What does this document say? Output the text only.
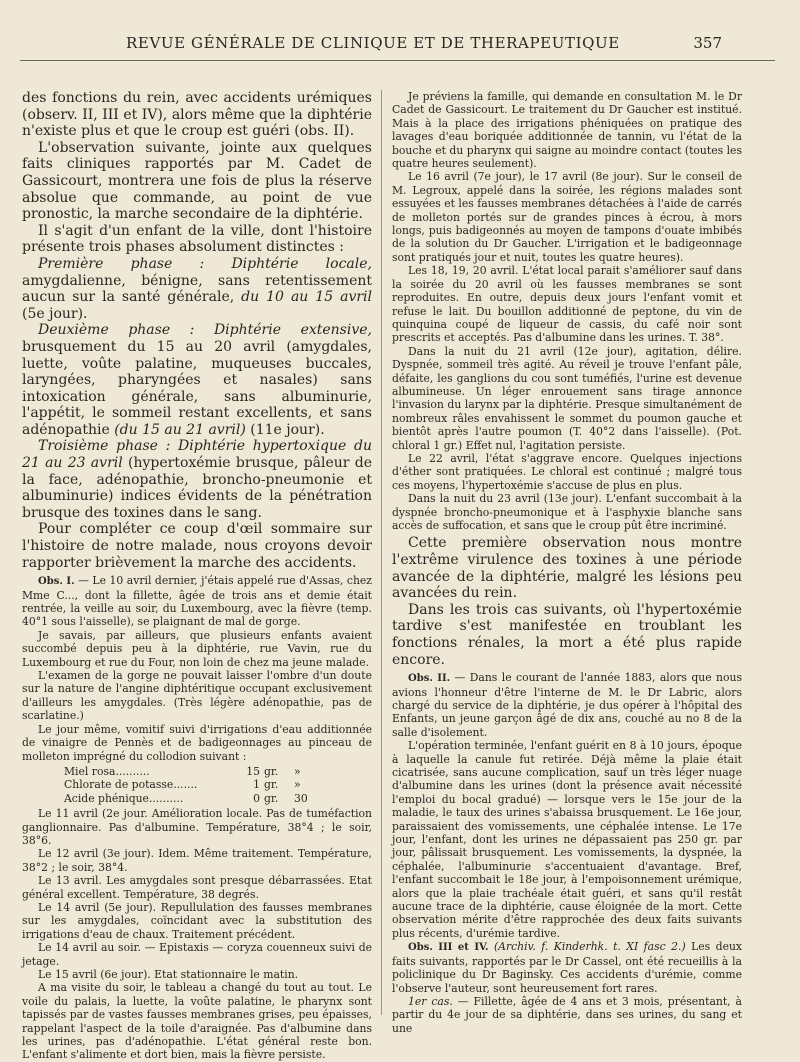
REVUE GÉNÉRALE DE CLINIQUE ET DE THERAPEUTIQUE	357

des fonctions du rein, avec accidents urémiques (observ. II, III et IV), alors même que la diphtérie n'existe plus et que le croup est guéri (obs. II).

L'observation suivante, jointe aux quelques faits cliniques rapportés par M. Cadet de Gassicourt, montrera une fois de plus la réserve absolue que commande, au point de vue pronostic, la marche secondaire de la diphtérie.

Il s'agit d'un enfant de la ville, dont l'histoire présente trois phases absolument distinctes :

Première phase : Diphtérie locale, amygdalienne, bénigne, sans retentissement aucun sur la santé générale, du 10 au 15 avril (5e jour).

Deuxième phase : Diphtérie extensive, brusquement du 15 au 20 avril (amygdales, luette, voûte palatine, muqueuses buccales, laryngées, pharyngées et nasales) sans intoxication générale, sans albuminurie, l'appétit, le sommeil restant excellents, et sans adénopathie (du 15 au 21 avril) (11e jour).

Troisième phase : Diphtérie hypertoxique du 21 au 23 avril (hypertoxémie brusque, pâleur de la face, adénopathie, broncho-pneumonie et albuminurie) indices évidents de la pénétration brusque des toxines dans le sang.

Pour compléter ce coup d'œil sommaire sur l'histoire de notre malade, nous croyons devoir rapporter brièvement la marche des accidents.

Obs. I. — Le 10 avril dernier, j'étais appelé rue d'Assas, chez Mme C..., dont la fillette, âgée de trois ans et demie était rentrée, la veille au soir, du Luxembourg, avec la fièvre (temp. 40°1 sous l'aisselle), se plaignant de mal de gorge.

Je savais, par ailleurs, que plusieurs enfants avaient succombé depuis peu à la diphtérie, rue Vavin, rue du Luxembourg et rue du Four, non loin de chez ma jeune malade.

L'examen de la gorge ne pouvait laisser l'ombre d'un doute sur la nature de l'angine diphtéritique occupant exclusivement d'ailleurs les amygdales. (Très légère adénopathie, pas de scarlatine.)

Le jour même, vomitif suivi d'irrigations d'eau additionnée de vinaigre de Pennès et de badigeonnages au pinceau de molleton imprégné du collodion suivant :

Miel rosa..........	15 gr.	»
Chlorate de potasse.......	1 gr.	»
Acide phénique..........	0 gr.	30

Le 11 avril (2e jour. Amélioration locale. Pas de tuméfaction ganglionnaire. Pas d'albumine. Température, 38°4 ; le soir, 38°6.

Le 12 avril (3e jour). Idem. Même traitement. Température, 38°2 ; le soir, 38°4.

Le 13 avril. Les amygdales sont presque débarrassées. Etat général excellent. Température, 38 degrés.

Le 14 avril (5e jour). Repullulation des fausses membranes sur les amygdales, coïncidant avec la substitution des irrigations d'eau de chaux. Traitement précédent.

Le 14 avril au soir. — Epistaxis — coryza couenneux suivi de jetage.

Le 15 avril (6e jour). Etat stationnaire le matin.

A ma visite du soir, le tableau a changé du tout au tout. Le voile du palais, la luette, la voûte palatine, le pharynx sont tapissés par de vastes fausses membranes grises, peu épaisses, rappelant l'aspect de la toile d'araignée. Pas d'albumine dans les urines, pas d'adénopathie. L'état général reste bon. L'enfant s'alimente et dort bien, mais la fièvre persiste.

Je préviens la famille, qui demande en consultation M. le Dr Cadet de Gassicourt. Le traitement du Dr Gaucher est institué. Mais à la place des irrigations phéniquées on pratique des lavages d'eau boriquée additionnée de tannin, vu l'état de la bouche et du pharynx qui saigne au moindre contact (toutes les quatre heures seulement).

Le 16 avril (7e jour), le 17 avril (8e jour). Sur le conseil de M. Legroux, appelé dans la soirée, les régions malades sont essuyées et les fausses membranes détachées à l'aide de carrés de molleton portés sur de grandes pinces à écrou, à mors longs, puis badigeonnés au moyen de tampons d'ouate imbibés de la solution du Dr Gaucher. L'irrigation et le badigeonnage sont pratiqués jour et nuit, toutes les quatre heures).

Les 18, 19, 20 avril. L'état local parait s'améliorer sauf dans la soirée du 20 avril où les fausses membranes se sont reproduites. En outre, depuis deux jours l'enfant vomit et refuse le lait. Du bouillon additionné de peptone, du vin de quinquina coupé de liqueur de cassis, du café noir sont prescrits et acceptés. Pas d'albumine dans les urines. T. 38°.

Dans la nuit du 21 avril (12e jour), agitation, délire. Dyspnée, sommeil très agité. Au réveil je trouve l'enfant pâle, défaite, les ganglions du cou sont tuméfiés, l'urine est devenue albumineuse. Un léger enrouement sans tirage annonce l'invasion du larynx par la diphtérie. Presque simultanément de nombreux râles envahissent le sommet du poumon gauche et bientôt après l'autre poumon (T. 40°2 dans l'aisselle). (Pot. chloral 1 gr.) Effet nul, l'agitation persiste.

Le 22 avril, l'état s'aggrave encore. Quelques injections d'éther sont pratiquées. Le chloral est continué ; malgré tous ces moyens, l'hypertoxémie s'accuse de plus en plus.

Dans la nuit du 23 avril (13e jour). L'enfant succombait à la dyspnée broncho-pneumonique et à l'asphyxie blanche sans accès de suffocation, et sans que le croup pût être incriminé.

Cette première observation nous montre l'extrême virulence des toxines à une période avancée de la diphtérie, malgré les lésions peu avancées du rein.

Dans les trois cas suivants, où l'hypertoxémie tardive s'est manifestée en troublant les fonctions rénales, la mort a été plus rapide encore.

Obs. II. — Dans le courant de l'année 1883, alors que nous avions l'honneur d'être l'interne de M. le Dr Labric, alors chargé du service de la diphtérie, je dus opérer à l'hôpital des Enfants, un jeune garçon âgé de dix ans, couché au no 8 de la salle d'isolement.

L'opération terminée, l'enfant guérit en 8 à 10 jours, époque à laquelle la canule fut retirée. Déjà même la plaie était cicatrisée, sans aucune complication, sauf un très léger nuage d'albumine dans les urines (dont la présence avait nécessité l'emploi du bocal gradué) — lorsque vers le 15e jour de la maladie, le taux des urines s'abaissa brusquement. Le 16e jour, paraissaient des vomissements, une céphalée intense. Le 17e jour, l'enfant, dont les urines ne dépassaient pas 250 gr. par jour, pâlissait brusquement. Les vomissements, la dyspnée, la céphalée, l'albuminurie s'accentuaient d'avantage. Bref, l'enfant succombait le 18e jour, à l'empoisonnement urémique, alors que la plaie trachéale était guéri, et sans qu'il restât aucune trace de la diphtérie, cause éloignée de la mort. Cette observation mérite d'être rapprochée des deux faits suivants plus récents, d'urémie tardive.

Obs. III et IV. (Archiv. f. Kinderhk. t. XI fasc 2.) Les deux faits suivants, rapportés par le Dr Cassel, ont été recueillis à la policlinique du Dr Baginsky. Ces accidents d'urémie, comme l'observe l'auteur, sont heureusement fort rares.

1er cas. — Fillette, âgée de 4 ans et 3 mois, présentant, à partir du 4e jour de sa diphtérie, dans ses urines, du sang et une
